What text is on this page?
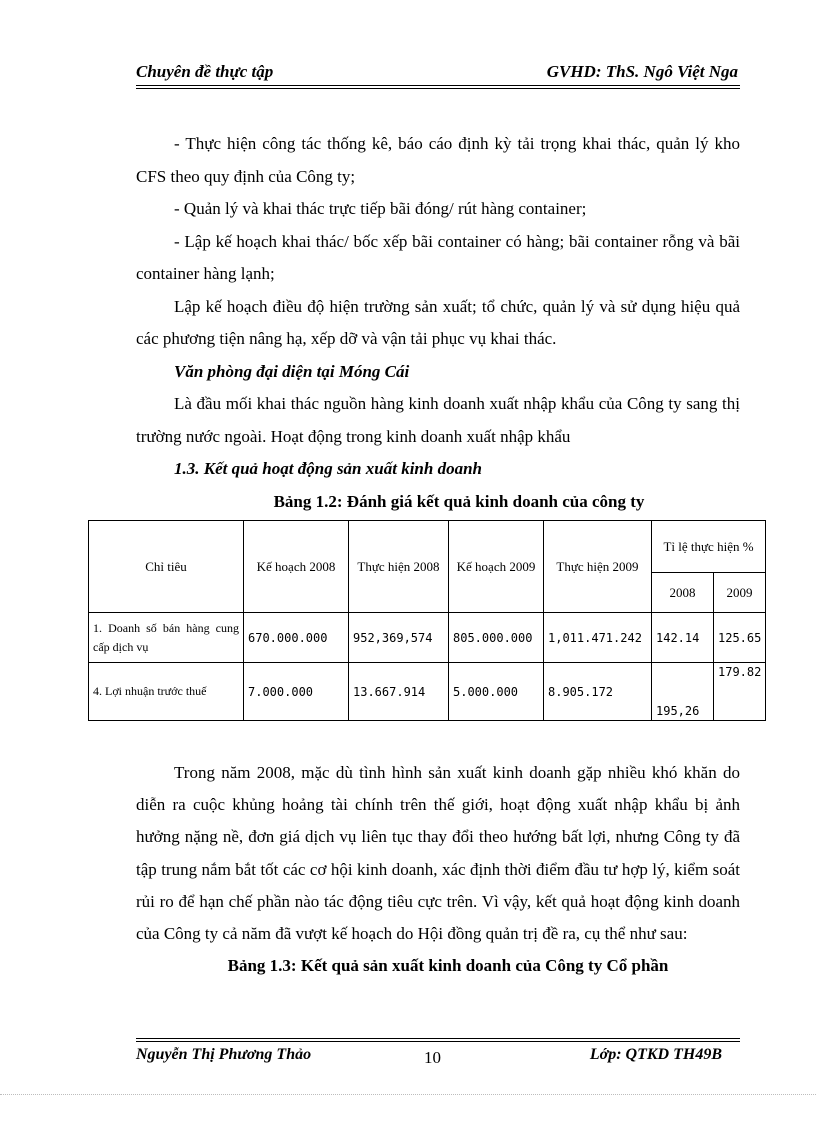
Chuyên đề thực tập	GVHD: ThS. Ngô Việt Nga

- Thực hiện công tác thống kê, báo cáo định kỳ tải trọng khai thác, quản lý kho CFS theo quy định của Công ty;

- Quản lý và khai thác trực tiếp bãi đóng/ rút hàng container;

- Lập kế hoạch khai thác/ bốc xếp bãi container có hàng; bãi container rỗng và bãi container hàng lạnh;

Lập kế hoạch điều độ hiện trường sản xuất; tổ chức, quản lý và sử dụng hiệu quả các phương tiện nâng hạ, xếp dỡ và vận tải phục vụ khai thác.

Văn phòng đại diện tại Móng Cái

Là đầu mối khai thác nguồn hàng kinh doanh xuất nhập khẩu của Công ty sang thị trường nước ngoài. Hoạt động trong kinh doanh xuất nhập khẩu

1.3. Kết quả hoạt động sản xuất kinh doanh

Bảng 1.2: Đánh giá kết quả kinh doanh của công ty

Chỉ tiêu	Kế hoạch 2008	Thực hiện 2008	Kế hoạch 2009	Thực hiện 2009	Tỉ lệ thực hiện %	
					2008	2009
1. Doanh số bán hàng cung cấp dịch vụ	670.000.000	952,369,574	805.000.000	1,011.471.242	142.14	125.65
4. Lợi nhuận trước thuế	7.000.000	13.667.914	5.000.000	8.905.172	195,26	179.82

Trong năm 2008, mặc dù tình hình sản xuất kinh doanh gặp nhiều khó khăn do diễn ra cuộc khủng hoảng tài chính trên thế giới, hoạt động xuất nhập khẩu bị ảnh hưởng nặng nề, đơn giá dịch vụ liên tục thay đổi theo hướng bất lợi, nhưng Công ty đã tập trung nắm bắt tốt các cơ hội kinh doanh, xác định thời điểm đầu tư hợp lý, kiểm soát rủi ro để hạn chế phần nào tác động tiêu cực trên. Vì vậy, kết quả hoạt động kinh doanh của Công ty cả năm đã vượt kế hoạch do Hội đồng quản trị đề ra, cụ thể như sau:

Bảng 1.3: Kết quả sản xuất kinh doanh của Công ty Cổ phần

Nguyễn Thị Phương Thảo	10	Lớp: QTKD TH49B
